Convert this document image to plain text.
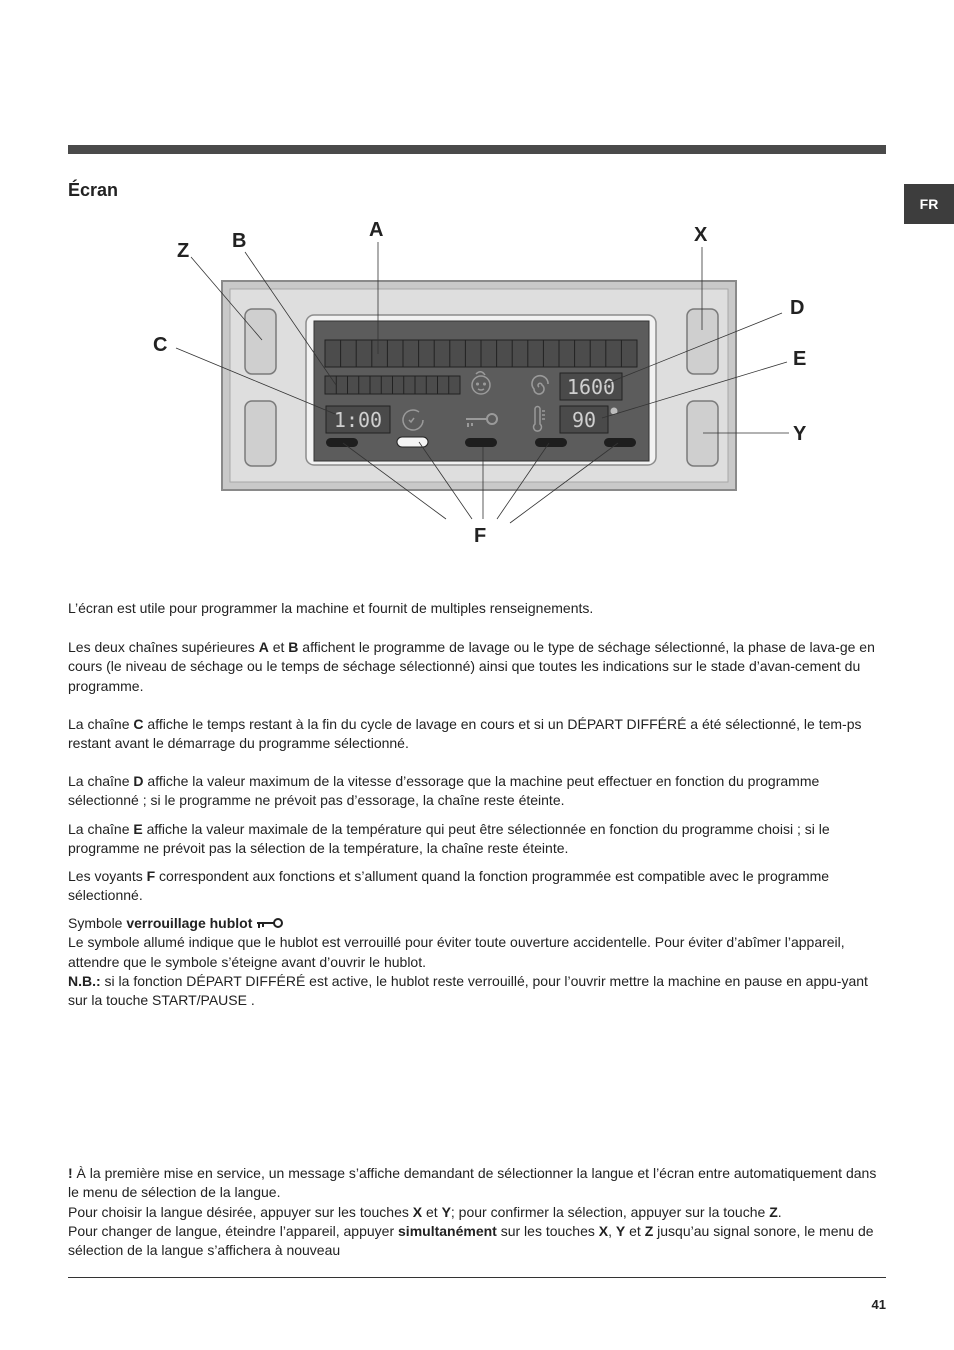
FR
Écran
1:00
1600
90
A
B
Z
C
X
D
E
Y
F

L’écran est utile pour programmer la machine et fournit de multiples renseignements.

Les deux chaînes supérieures A et B affichent le programme de lavage ou le type de séchage sélectionné, la phase de lava-ge en cours (le niveau de séchage ou le temps de séchage sélectionné) ainsi que toutes les indications sur le stade d’avan-cement du programme.

La chaîne C affiche le temps restant à la fin du cycle de lavage en cours et si un DÉPART DIFFÉRÉ a été sélectionné, le tem-ps restant avant le démarrage du programme sélectionné.

La chaîne D affiche la valeur maximum de la vitesse d’essorage que la machine peut effectuer en fonction du programme sélectionné ; si le programme ne prévoit pas d’essorage, la chaîne reste éteinte.

La chaîne E affiche la valeur maximale de la température qui peut être sélectionnée en fonction du programme choisi ; si le programme ne prévoit pas la sélection de la température, la chaîne reste éteinte.

Les voyants F correspondent aux fonctions et s’allument quand la fonction programmée est compatible avec le programme sélectionné.

Symbole verrouillage hublot
Le symbole allumé indique que le hublot est verrouillé pour éviter toute ouverture accidentelle. Pour éviter d’abîmer l’appareil, attendre que le symbole s’éteigne avant d’ouvrir le hublot.
N.B.: si la fonction DÉPART DIFFÉRÉ est active, le hublot reste verrouillé, pour l’ouvrir mettre la machine en pause en appu-yant sur la touche START/PAUSE .

! À la première mise en service, un message s’affiche demandant de sélectionner la langue et l’écran entre automatiquement dans le menu de sélection de la langue.
Pour choisir la langue désirée, appuyer sur les touches X et Y; pour confirmer la sélection, appuyer sur la touche Z.
Pour changer de langue, éteindre l’appareil, appuyer simultanément sur les touches X, Y et Z jusqu’au signal sonore, le menu de sélection de la langue s’affichera à nouveau

41
